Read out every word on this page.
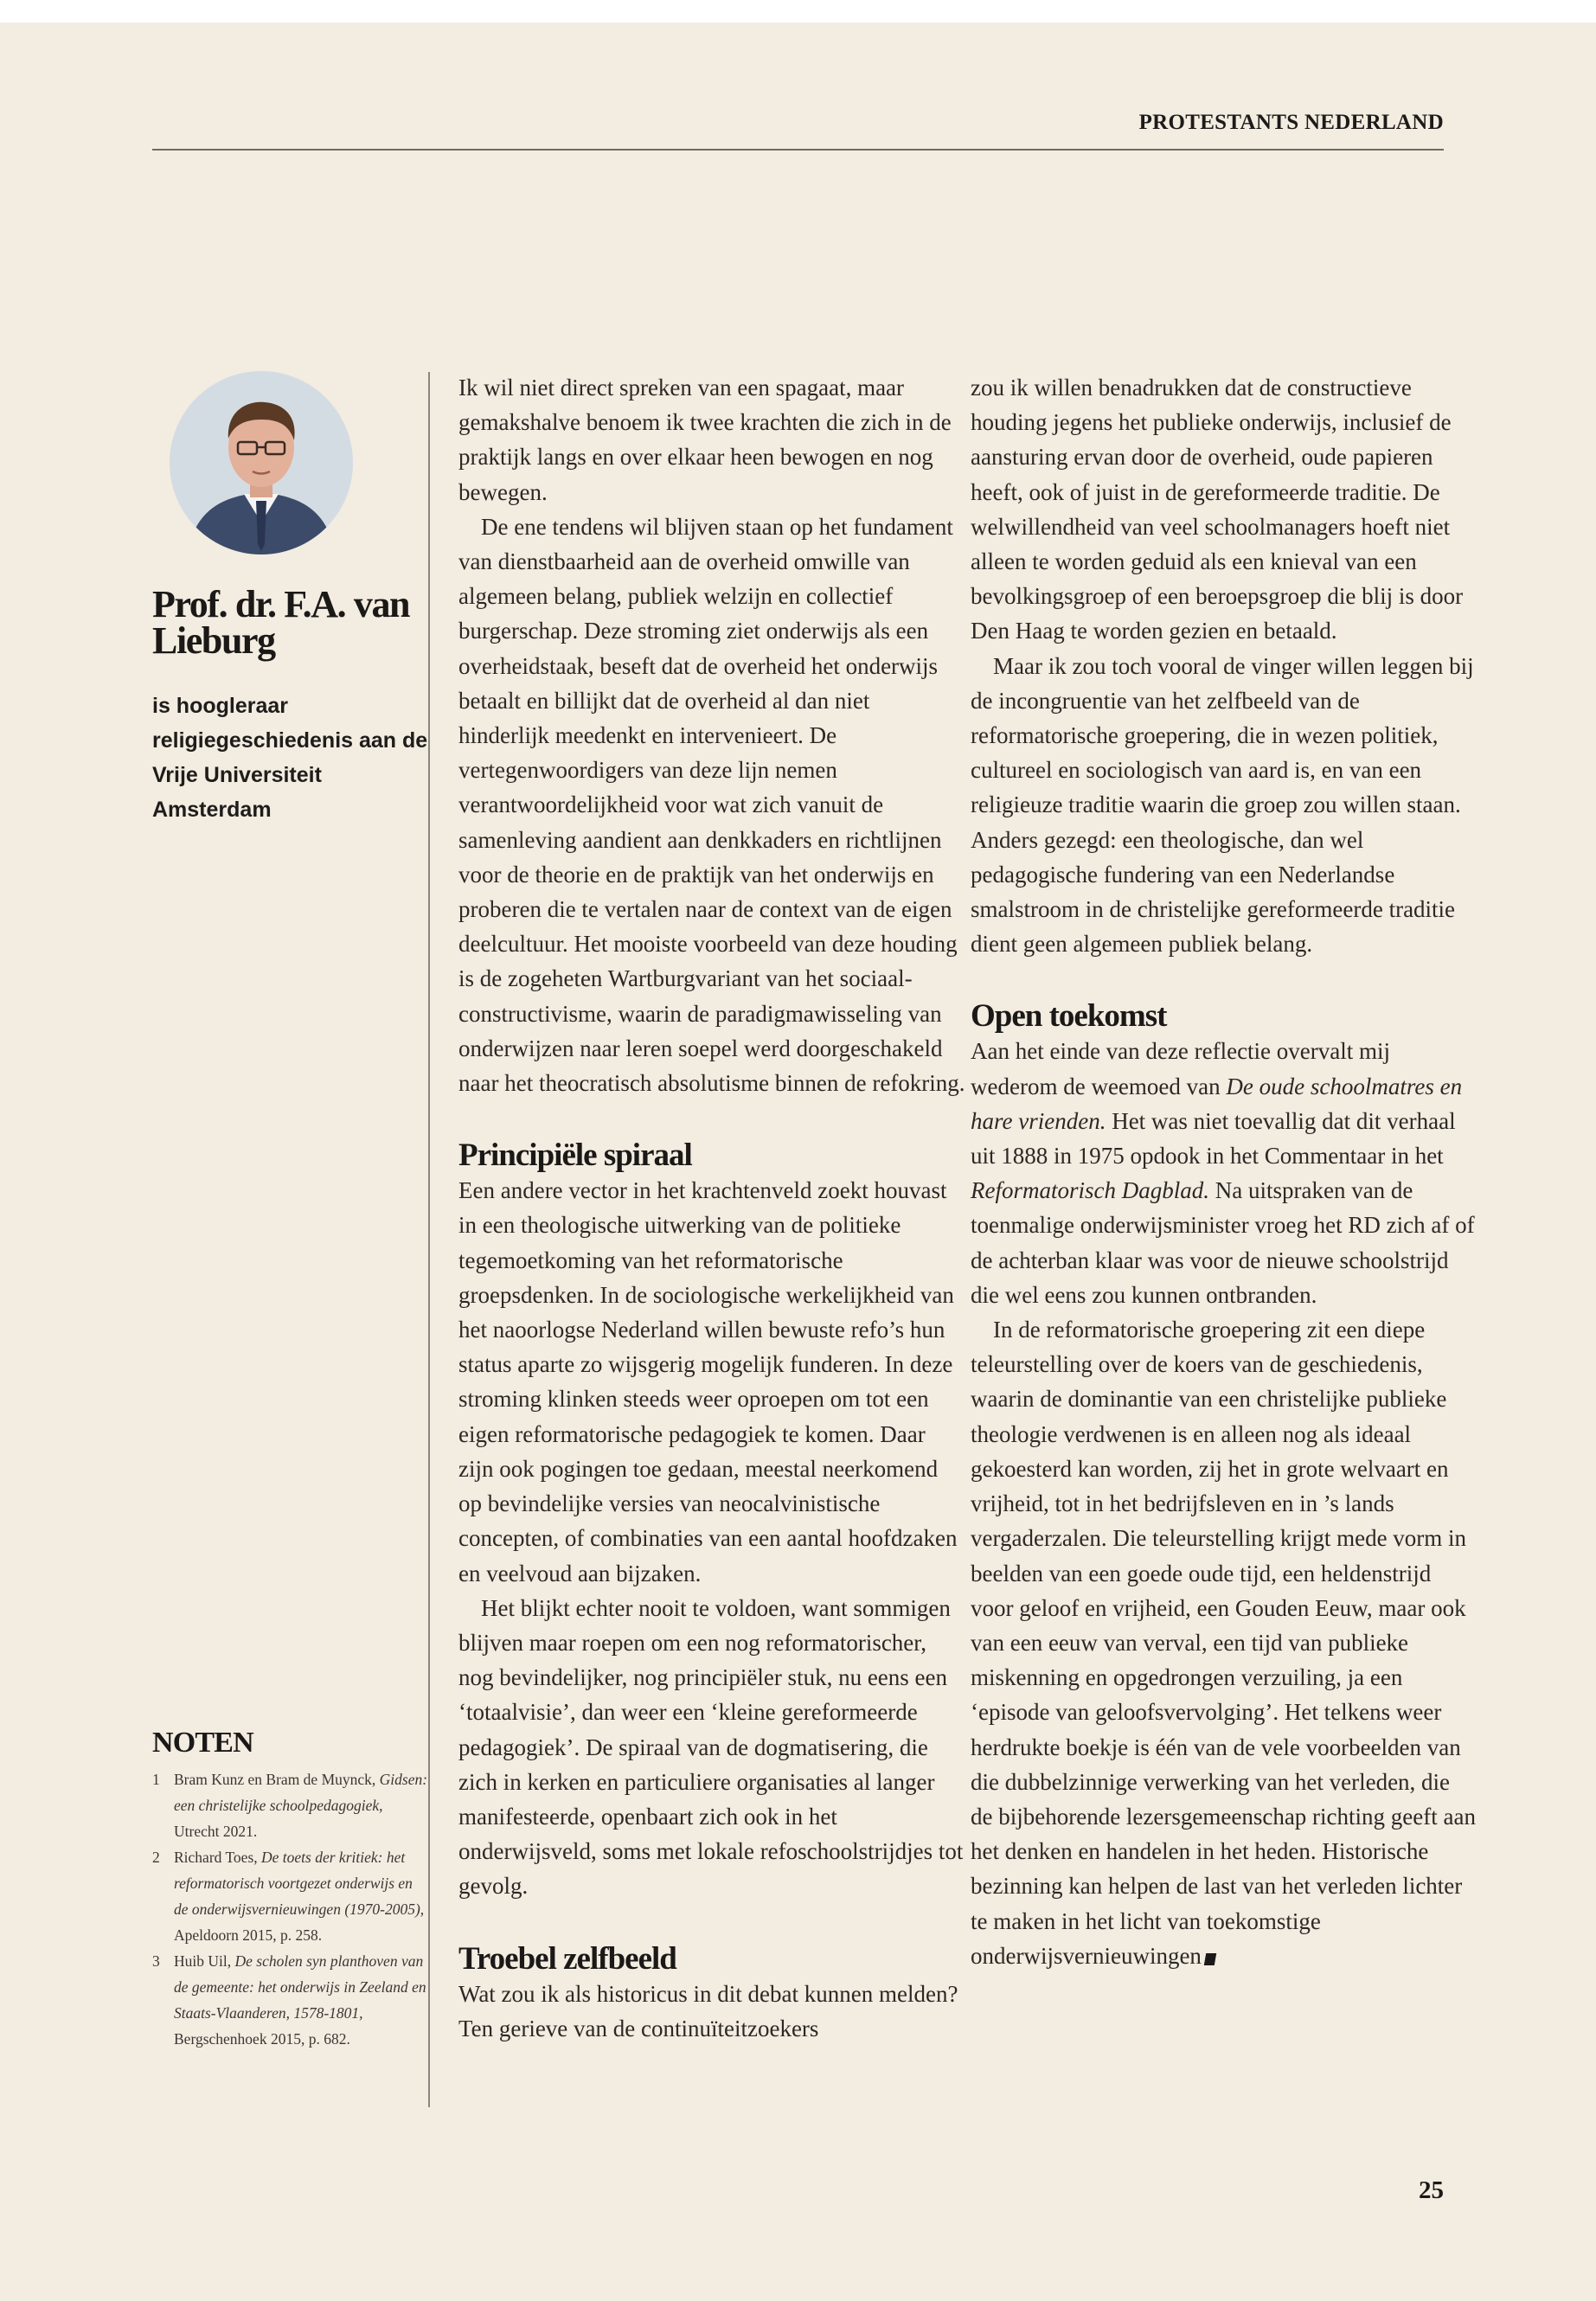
PROTESTANTS NEDERLAND
Prof. dr. F.A. van Lieburg
is hoogleraar religiegeschiedenis aan de Vrije Universiteit Amsterdam
NOTEN
1 Bram Kunz en Bram de Muynck, Gidsen: een christelijke schoolpedagogiek, Utrecht 2021.
2 Richard Toes, De toets der kritiek: het reformatorisch voortgezet onderwijs en de onderwijsvernieuwingen (1970-2005), Apeldoorn 2015, p. 258.
3 Huib Uil, De scholen syn planthoven van de gemeente: het onderwijs in Zeeland en Staats-Vlaanderen, 1578-1801, Bergschenhoek 2015, p. 682.

Ik wil niet direct spreken van een spagaat, maar gemakshalve benoem ik twee krachten die zich in de praktijk langs en over elkaar heen bewogen en nog bewegen.

De ene tendens wil blijven staan op het fundament van dienstbaarheid aan de overheid omwille van algemeen belang, publiek welzijn en collectief burgerschap. Deze stroming ziet onderwijs als een overheidstaak, beseft dat de overheid het onderwijs betaalt en billijkt dat de overheid al dan niet hinderlijk meedenkt en intervenieert. De vertegenwoordigers van deze lijn nemen verantwoordelijkheid voor wat zich vanuit de samenleving aandient aan denkkaders en richtlijnen voor de theorie en de praktijk van het onderwijs en proberen die te vertalen naar de context van de eigen deelcultuur. Het mooiste voorbeeld van deze houding is de zogeheten Wartburgvariant van het sociaal-constructivisme, waarin de paradigmawisseling van onderwijzen naar leren soepel werd doorgeschakeld naar het theocratisch absolutisme binnen de refokring.

Principiële spiraal

Een andere vector in het krachtenveld zoekt houvast in een theologische uitwerking van de politieke tegemoetkoming van het reformatorische groepsdenken. In de sociologische werkelijkheid van het naoorlogse Nederland willen bewuste refo’s hun status aparte zo wijsgerig mogelijk funderen. In deze stroming klinken steeds weer oproepen om tot een eigen reformatorische pedagogiek te komen. Daar zijn ook pogingen toe gedaan, meestal neerkomend op bevindelijke versies van neocalvinistische concepten, of combinaties van een aantal hoofdzaken en veelvoud aan bijzaken.

Het blijkt echter nooit te voldoen, want sommigen blijven maar roepen om een nog reformatorischer, nog bevindelijker, nog principiëler stuk, nu eens een ‘totaalvisie’, dan weer een ‘kleine gereformeerde pedagogiek’. De spiraal van de dogmatisering, die zich in kerken en particuliere organisaties al langer manifesteerde, openbaart zich ook in het onderwijsveld, soms met lokale refoschoolstrijdjes tot gevolg.

Troebel zelfbeeld

Wat zou ik als historicus in dit debat kunnen melden? Ten gerieve van de continuïteitzoekers

zou ik willen benadrukken dat de constructieve houding jegens het publieke onderwijs, inclusief de aansturing ervan door de overheid, oude papieren heeft, ook of juist in de gereformeerde traditie. De welwillendheid van veel schoolmanagers hoeft niet alleen te worden geduid als een knieval van een bevolkingsgroep of een beroepsgroep die blij is door Den Haag te worden gezien en betaald.

Maar ik zou toch vooral de vinger willen leggen bij de incongruentie van het zelfbeeld van de reformatorische groepering, die in wezen politiek, cultureel en sociologisch van aard is, en van een religieuze traditie waarin die groep zou willen staan. Anders gezegd: een theologische, dan wel pedagogische fundering van een Nederlandse smalstroom in de christelijke gereformeerde traditie dient geen algemeen publiek belang.

Open toekomst

Aan het einde van deze reflectie overvalt mij wederom de weemoed van De oude schoolmatres en hare vrienden. Het was niet toevallig dat dit verhaal uit 1888 in 1975 opdook in het Commentaar in het Reformatorisch Dagblad. Na uitspraken van de toenmalige onderwijsminister vroeg het RD zich af of de achterban klaar was voor de nieuwe schoolstrijd die wel eens zou kunnen ontbranden.

In de reformatorische groepering zit een diepe teleurstelling over de koers van de geschiedenis, waarin de dominantie van een christelijke publieke theologie verdwenen is en alleen nog als ideaal gekoesterd kan worden, zij het in grote welvaart en vrijheid, tot in het bedrijfsleven en in ’s lands vergaderzalen. Die teleurstelling krijgt mede vorm in beelden van een goede oude tijd, een heldenstrijd voor geloof en vrijheid, een Gouden Eeuw, maar ook van een eeuw van verval, een tijd van publieke miskenning en opgedrongen verzuiling, ja een ‘episode van geloofsvervolging’. Het telkens weer herdrukte boekje is één van de vele voorbeelden van die dubbelzinnige verwerking van het verleden, die de bijbehorende lezersgemeenschap richting geeft aan het denken en handelen in het heden. Historische bezinning kan helpen de last van het verleden lichter te maken in het licht van toekomstige onderwijsvernieuwingen

25
